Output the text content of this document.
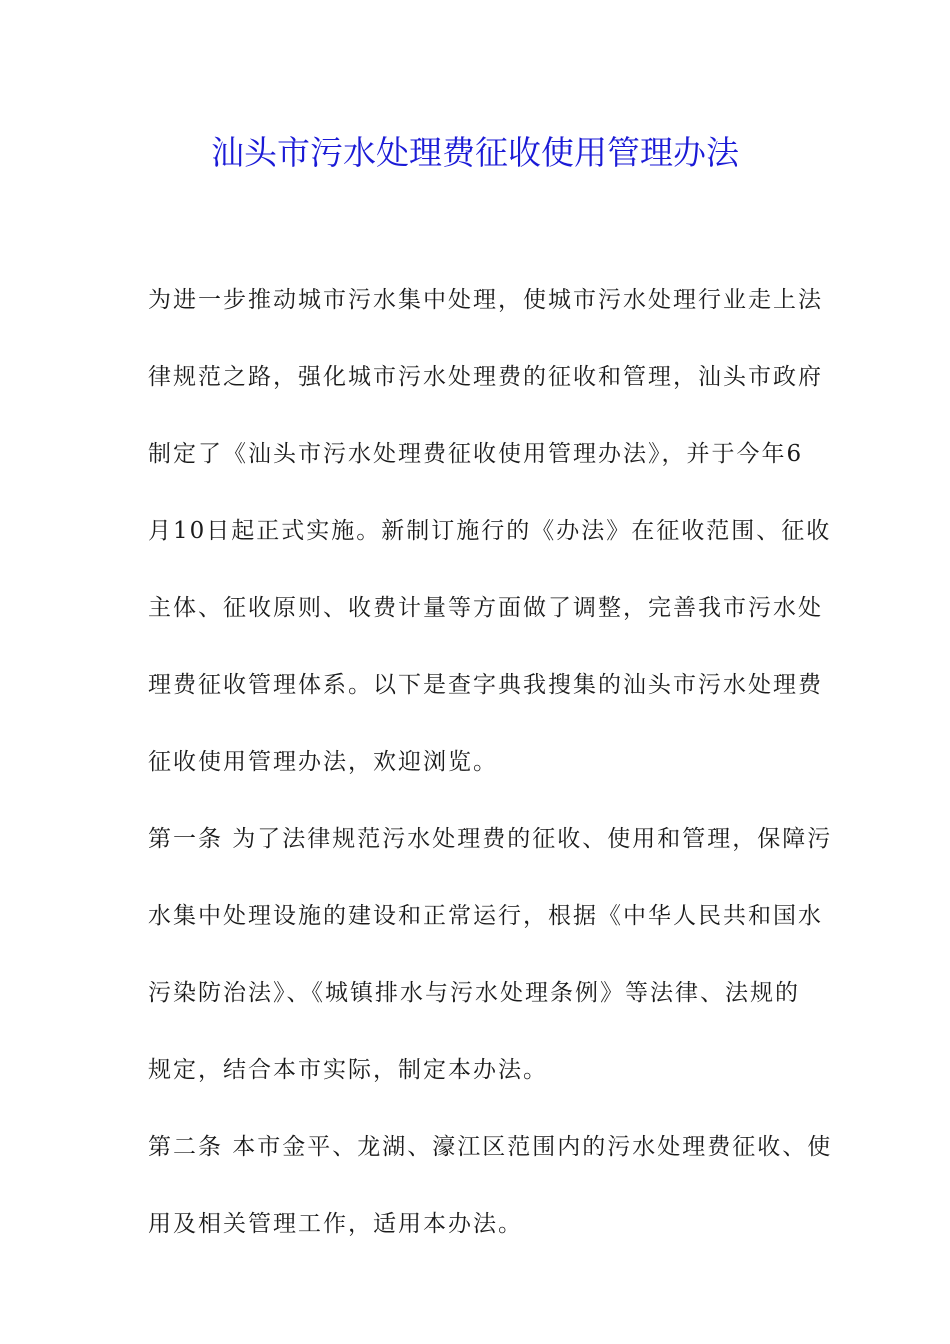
汕头市污水处理费征收使用管理办法
为进一步推动城市污水集中处理，使城市污水处理行业走上法
律规范之路，强化城市污水处理费的征收和管理，汕头市政府
制定了《汕头市污水处理费征收使用管理办法》，并于今年6
月10日起正式实施。新制订施行的《办法》在征收范围、征收
主体、征收原则、收费计量等方面做了调整，完善我市污水处
理费征收管理体系。以下是查字典我搜集的汕头市污水处理费
征收使用管理办法，欢迎浏览。
第一条 为了法律规范污水处理费的征收、使用和管理，保障污
水集中处理设施的建设和正常运行，根据《中华人民共和国水
污染防治法》、《城镇排水与污水处理条例》等法律、法规的
规定，结合本市实际，制定本办法。
第二条 本市金平、龙湖、濠江区范围内的污水处理费征收、使
用及相关管理工作，适用本办法。
